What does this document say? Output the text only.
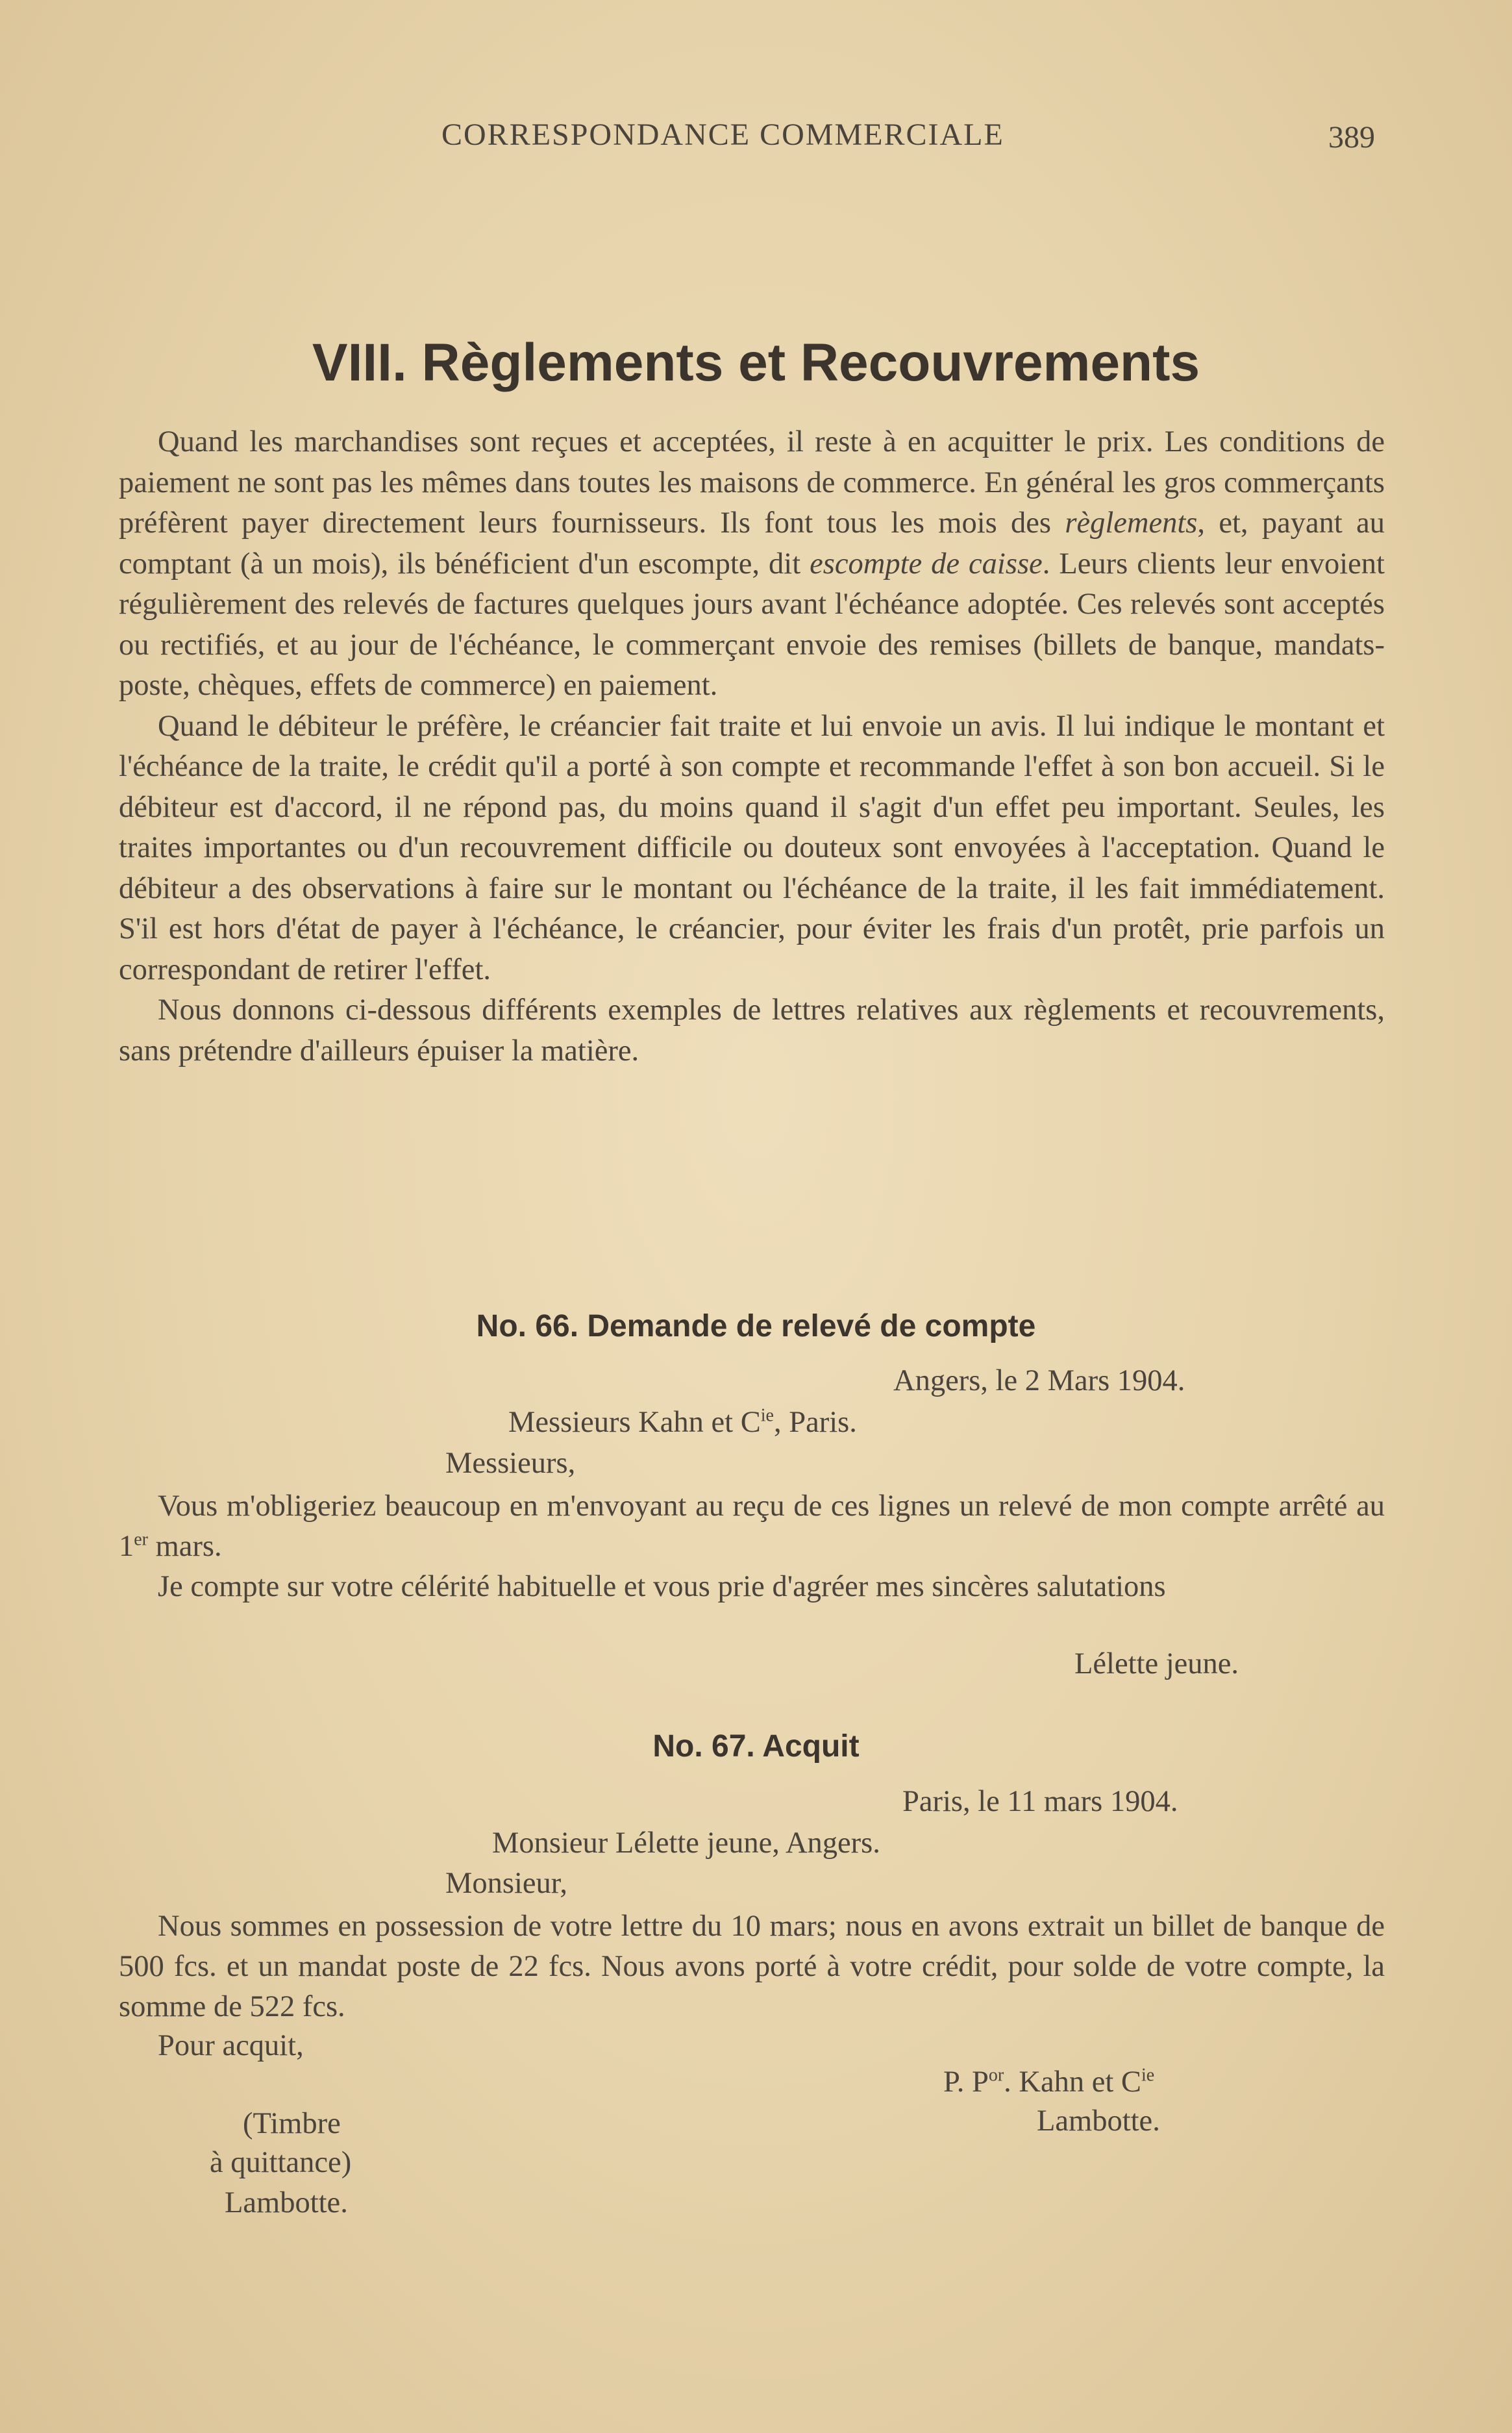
CORRESPONDANCE COMMERCIALE	389
VIII. Règlements et Recouvrements

Quand les marchandises sont reçues et acceptées, il reste à en acquitter le prix. Les conditions de paiement ne sont pas les mêmes dans toutes les maisons de commerce. En général les gros commerçants préfèrent payer directement leurs fournisseurs. Ils font tous les mois des règlements, et, payant au comptant (à un mois), ils bénéficient d'un escompte, dit escompte de caisse. Leurs clients leur envoient régulièrement des relevés de factures quelques jours avant l'échéance adoptée. Ces relevés sont acceptés ou rectifiés, et au jour de l'échéance, le commerçant envoie des remises (billets de banque, mandats-poste, chèques, effets de commerce) en paiement.

Quand le débiteur le préfère, le créancier fait traite et lui envoie un avis. Il lui indique le montant et l'échéance de la traite, le crédit qu'il a porté à son compte et recommande l'effet à son bon accueil. Si le débiteur est d'accord, il ne répond pas, du moins quand il s'agit d'un effet peu important. Seules, les traites importantes ou d'un recouvrement difficile ou douteux sont envoyées à l'acceptation. Quand le débiteur a des observations à faire sur le montant ou l'échéance de la traite, il les fait immédiatement. S'il est hors d'état de payer à l'échéance, le créancier, pour éviter les frais d'un protêt, prie parfois un correspondant de retirer l'effet.

Nous donnons ci-dessous différents exemples de lettres relatives aux règlements et recouvrements, sans prétendre d'ailleurs épuiser la matière.

No. 66. Demande de relevé de compte
Angers, le 2 Mars 1904.
Messieurs Kahn et $C^{ie}$, Paris.
Messieurs,

Vous m'obligeriez beaucoup en m'envoyant au reçu de ces lignes un relevé de mon compte arrêté au 1er mars.

Je compte sur votre célérité habituelle et vous prie d'agréer mes sincères salutations

Lélette jeune.
No. 67. Acquit
Paris, le 11 mars 1904.
Monsieur Lélette jeune, Angers.
Monsieur,

Nous sommes en possession de votre lettre du 10 mars; nous en avons extrait un billet de banque de 500 fcs. et un mandat poste de 22 fcs. Nous avons porté à votre crédit, pour solde de votre compte, la somme de 522 fcs.

Pour acquit,
P. $P^{or}$. Kahn et $C^{ie}$
Lambotte.
(Timbre
à quittance)
Lambotte.
